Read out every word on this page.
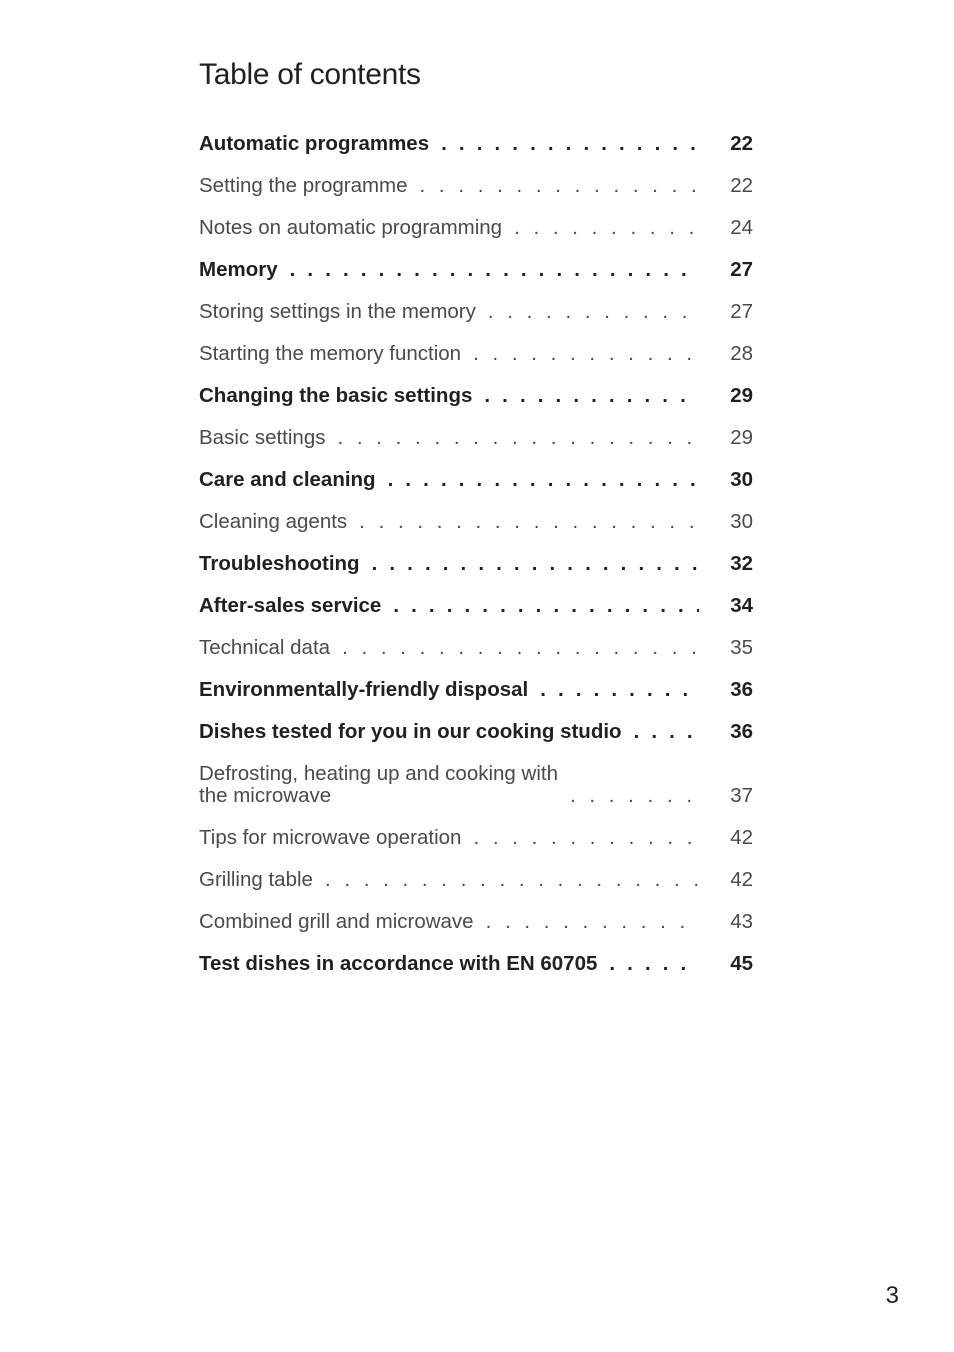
Table of contents
Automatic programmes . . .	22
Setting the programme . . .	22
Notes on automatic programming . . .	24
Memory . . .	27
Storing settings in the memory . . .	27
Starting the memory function . . .	28
Changing the basic settings . . .	29
Basic settings . . .	29
Care and cleaning . . .	30
Cleaning agents . . .	30
Troubleshooting . . .	32
After-sales service . . .	34
Technical data . . .	35
Environmentally-friendly disposal . . .	36
Dishes tested for you in our cooking studio . . .	36
Defrosting, heating up and cooking with
the microwave . . .	37
Tips for microwave operation . . .	42
Grilling table . . .	42
Combined grill and microwave . . .	43
Test dishes in accordance with EN 60705 . . .	45
3
